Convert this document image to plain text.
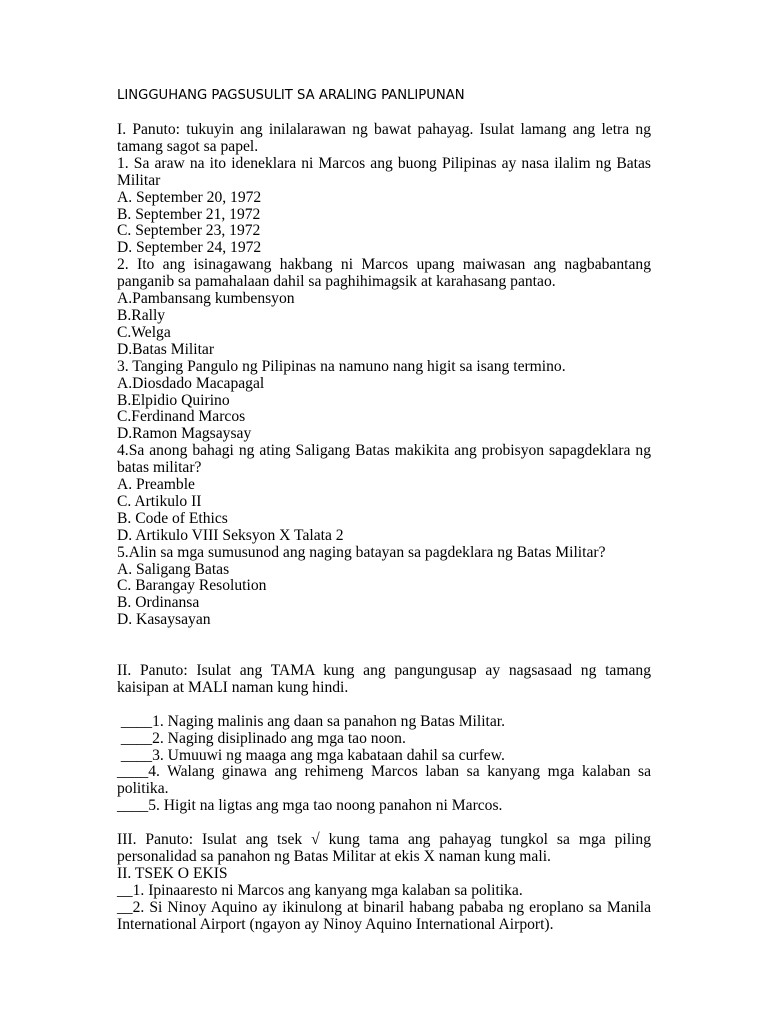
LINGGUHANG PAGSUSULIT SA ARALING PANLIPUNAN

I. Panuto: tukuyin ang inilalarawan ng bawat pahayag. Isulat lamang ang letra ng tamang sagot sa papel.

1. Sa araw na ito ideneklara ni Marcos ang buong Pilipinas ay nasa ilalim ng Batas Militar

A. September 20, 1972

B. September 21, 1972

C. September 23, 1972

D. September 24, 1972

2. Ito ang isinagawang hakbang ni Marcos upang maiwasan ang nagbabantang panganib sa pamahalaan dahil sa paghihimagsik at karahasang pantao.

A.Pambansang kumbensyon

B.Rally

C.Welga

D.Batas Militar

3. Tanging Pangulo ng Pilipinas na namuno nang higit sa isang termino.

A.Diosdado Macapagal

B.Elpidio Quirino

C.Ferdinand Marcos

D.Ramon Magsaysay

4.Sa anong bahagi ng ating Saligang Batas makikita ang probisyon sapagdeklara ng batas militar?

A. Preamble

C. Artikulo II

B. Code of Ethics

D. Artikulo VIII Seksyon X Talata 2

5.Alin sa mga sumusunod ang naging batayan sa pagdeklara ng Batas Militar?

A. Saligang Batas

C. Barangay Resolution

B. Ordinansa

D. Kasaysayan

II. Panuto: Isulat ang TAMA kung ang pangungusap ay nagsasaad ng tamang kaisipan at MALI naman kung hindi.

____1. Naging malinis ang daan sa panahon ng Batas Militar.

____2. Naging disiplinado ang mga tao noon.

____3. Umuuwi ng maaga ang mga kabataan dahil sa curfew.

____4. Walang ginawa ang rehimeng Marcos laban sa kanyang mga kalaban sa politika.

____5. Higit na ligtas ang mga tao noong panahon ni Marcos.

III. Panuto: Isulat ang tsek √ kung tama ang pahayag tungkol sa mga piling personalidad sa panahon ng Batas Militar at ekis X naman kung mali.

II. TSEK O EKIS

__1. Ipinaaresto ni Marcos ang kanyang mga kalaban sa politika.

__2. Si Ninoy Aquino ay ikinulong at binaril habang pababa ng eroplano sa Manila International Airport (ngayon ay Ninoy Aquino International Airport).
